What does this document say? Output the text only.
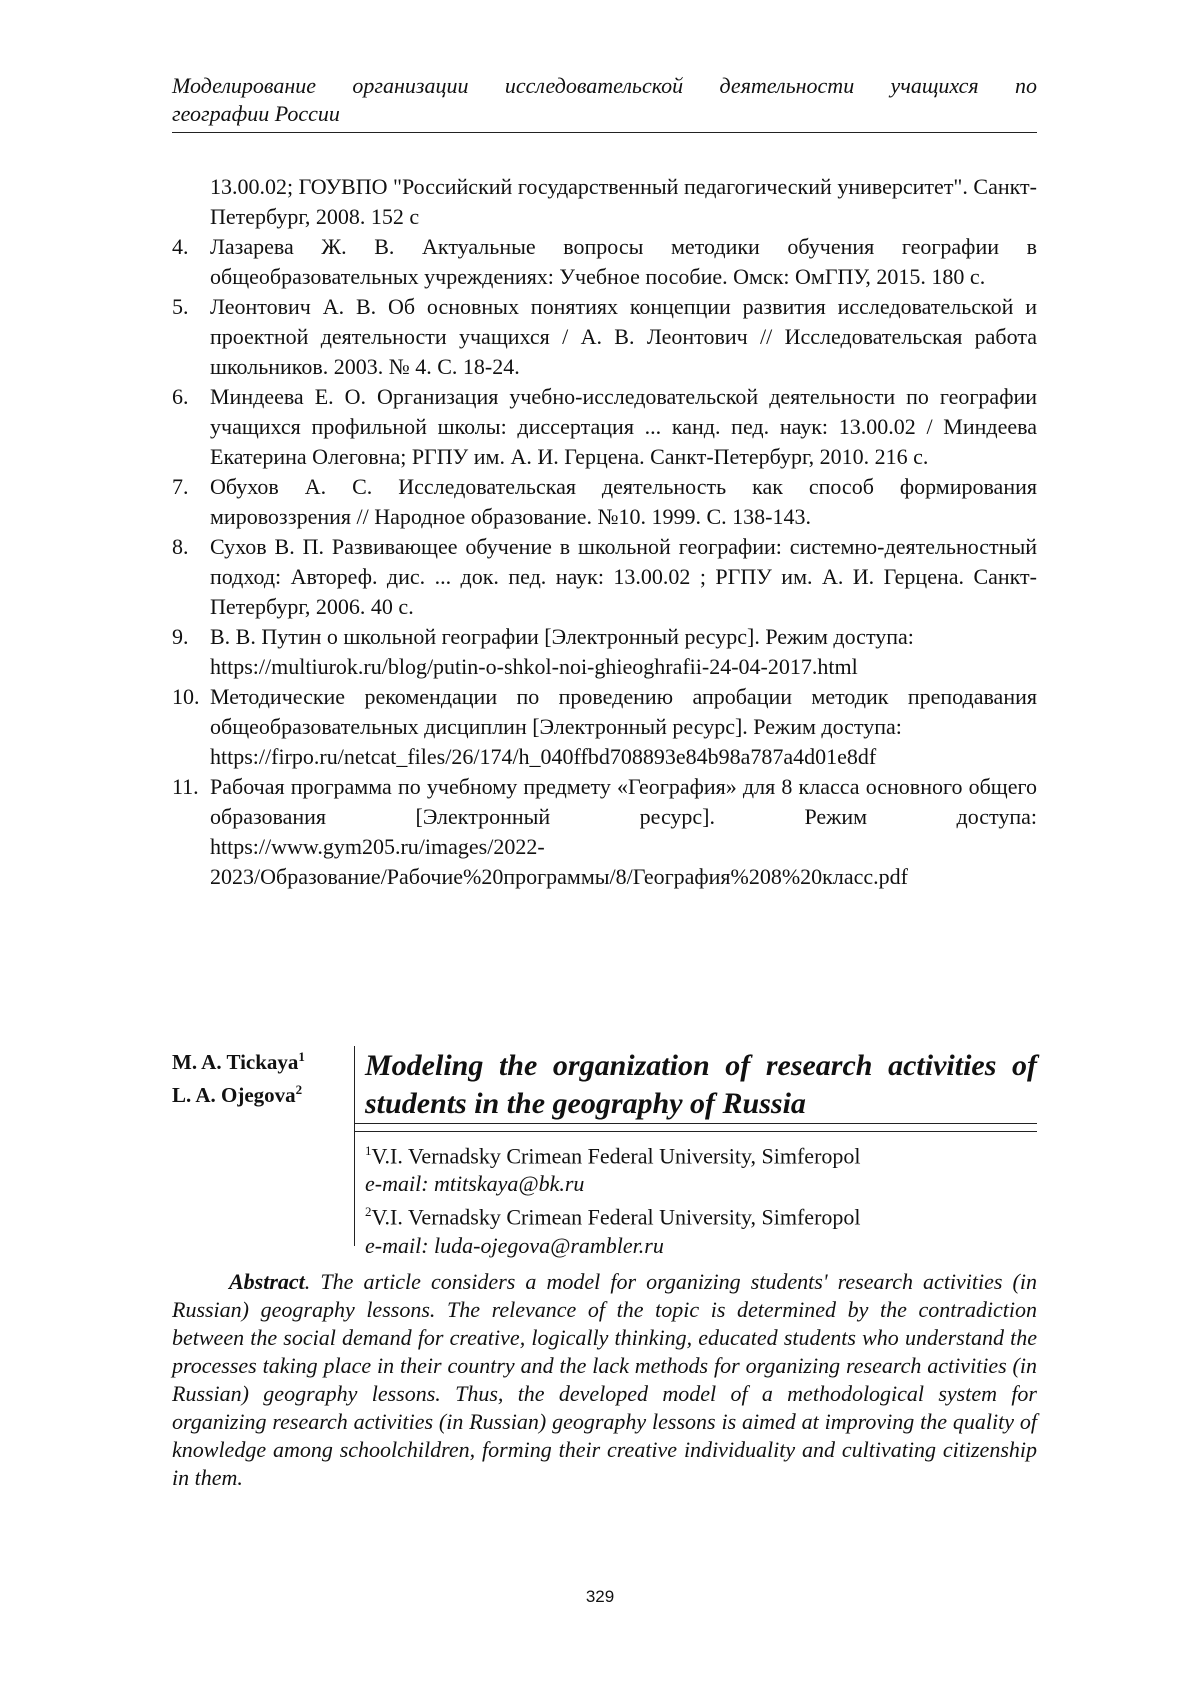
Моделирование организации исследовательской деятельности учащихся по
географии России
13.00.02; ГОУВПО "Российский государственный педагогический университет". Санкт-Петербург, 2008. 152 с
4. Лазарева Ж. В. Актуальные вопросы методики обучения географии в общеобразовательных учреждениях: Учебное пособие. Омск: ОмГПУ, 2015. 180 с.
5. Леонтович А. В. Об основных понятиях концепции развития исследовательской и проектной деятельности учащихся / А. В. Леонтович // Исследовательская работа школьников. 2003. № 4. С. 18-24.
6. Миндеева Е. О. Организация учебно-исследовательской деятельности по географии учащихся профильной школы: диссертация ... канд. пед. наук: 13.00.02 / Миндеева Екатерина Олеговна; РГПУ им. А. И. Герцена. Санкт-Петербург, 2010. 216 с.
7. Обухов А. С. Исследовательская деятельность как способ формирования мировоззрения // Народное образование. №10. 1999. С. 138-143.
8. Сухов В. П. Развивающее обучение в школьной географии: системно-деятельностный подход: Автореф. дис. ... док. пед. наук: 13.00.02 ; РГПУ им. А. И. Герцена. Санкт-Петербург, 2006. 40 с.
9. В. В. Путин о школьной географии [Электронный ресурс]. Режим доступа:
https://multiurok.ru/blog/putin-o-shkol-noi-ghieoghrafii-24-04-2017.html
10. Методические рекомендации по проведению апробации методик преподавания общеобразовательных дисциплин [Электронный ресурс]. Режим доступа:
https://firpo.ru/netcat_files/26/174/h_040ffbd708893e84b98a787a4d01e8df
11. Рабочая программа по учебному предмету «География» для 8 класса основного общего образования [Электронный ресурс]. Режим доступа: https://www.gym205.ru/images/2022-
2023/Образование/Рабочие%20программы/8/География%208%20класс.pdf
M. A. Tickaya$^1$
L. A. Ojegova$^2$
Modeling the organization of research activities of students in the geography of Russia
$^1$V.I. Vernadsky Crimean Federal University, Simferopol
e-mail: mtitskaya@bk.ru
$^2$V.I. Vernadsky Crimean Federal University, Simferopol
e-mail: luda-ojegova@rambler.ru
Abstract. The article considers a model for organizing students' research activities (in Russian) geography lessons. The relevance of the topic is determined by the contradiction between the social demand for creative, logically thinking, educated students who understand the processes taking place in their country and the lack methods for organizing research activities (in Russian) geography lessons. Thus, the developed model of a methodological system for organizing research activities (in Russian) geography lessons is aimed at improving the quality of knowledge among schoolchildren, forming their creative individuality and cultivating citizenship in them.
329
